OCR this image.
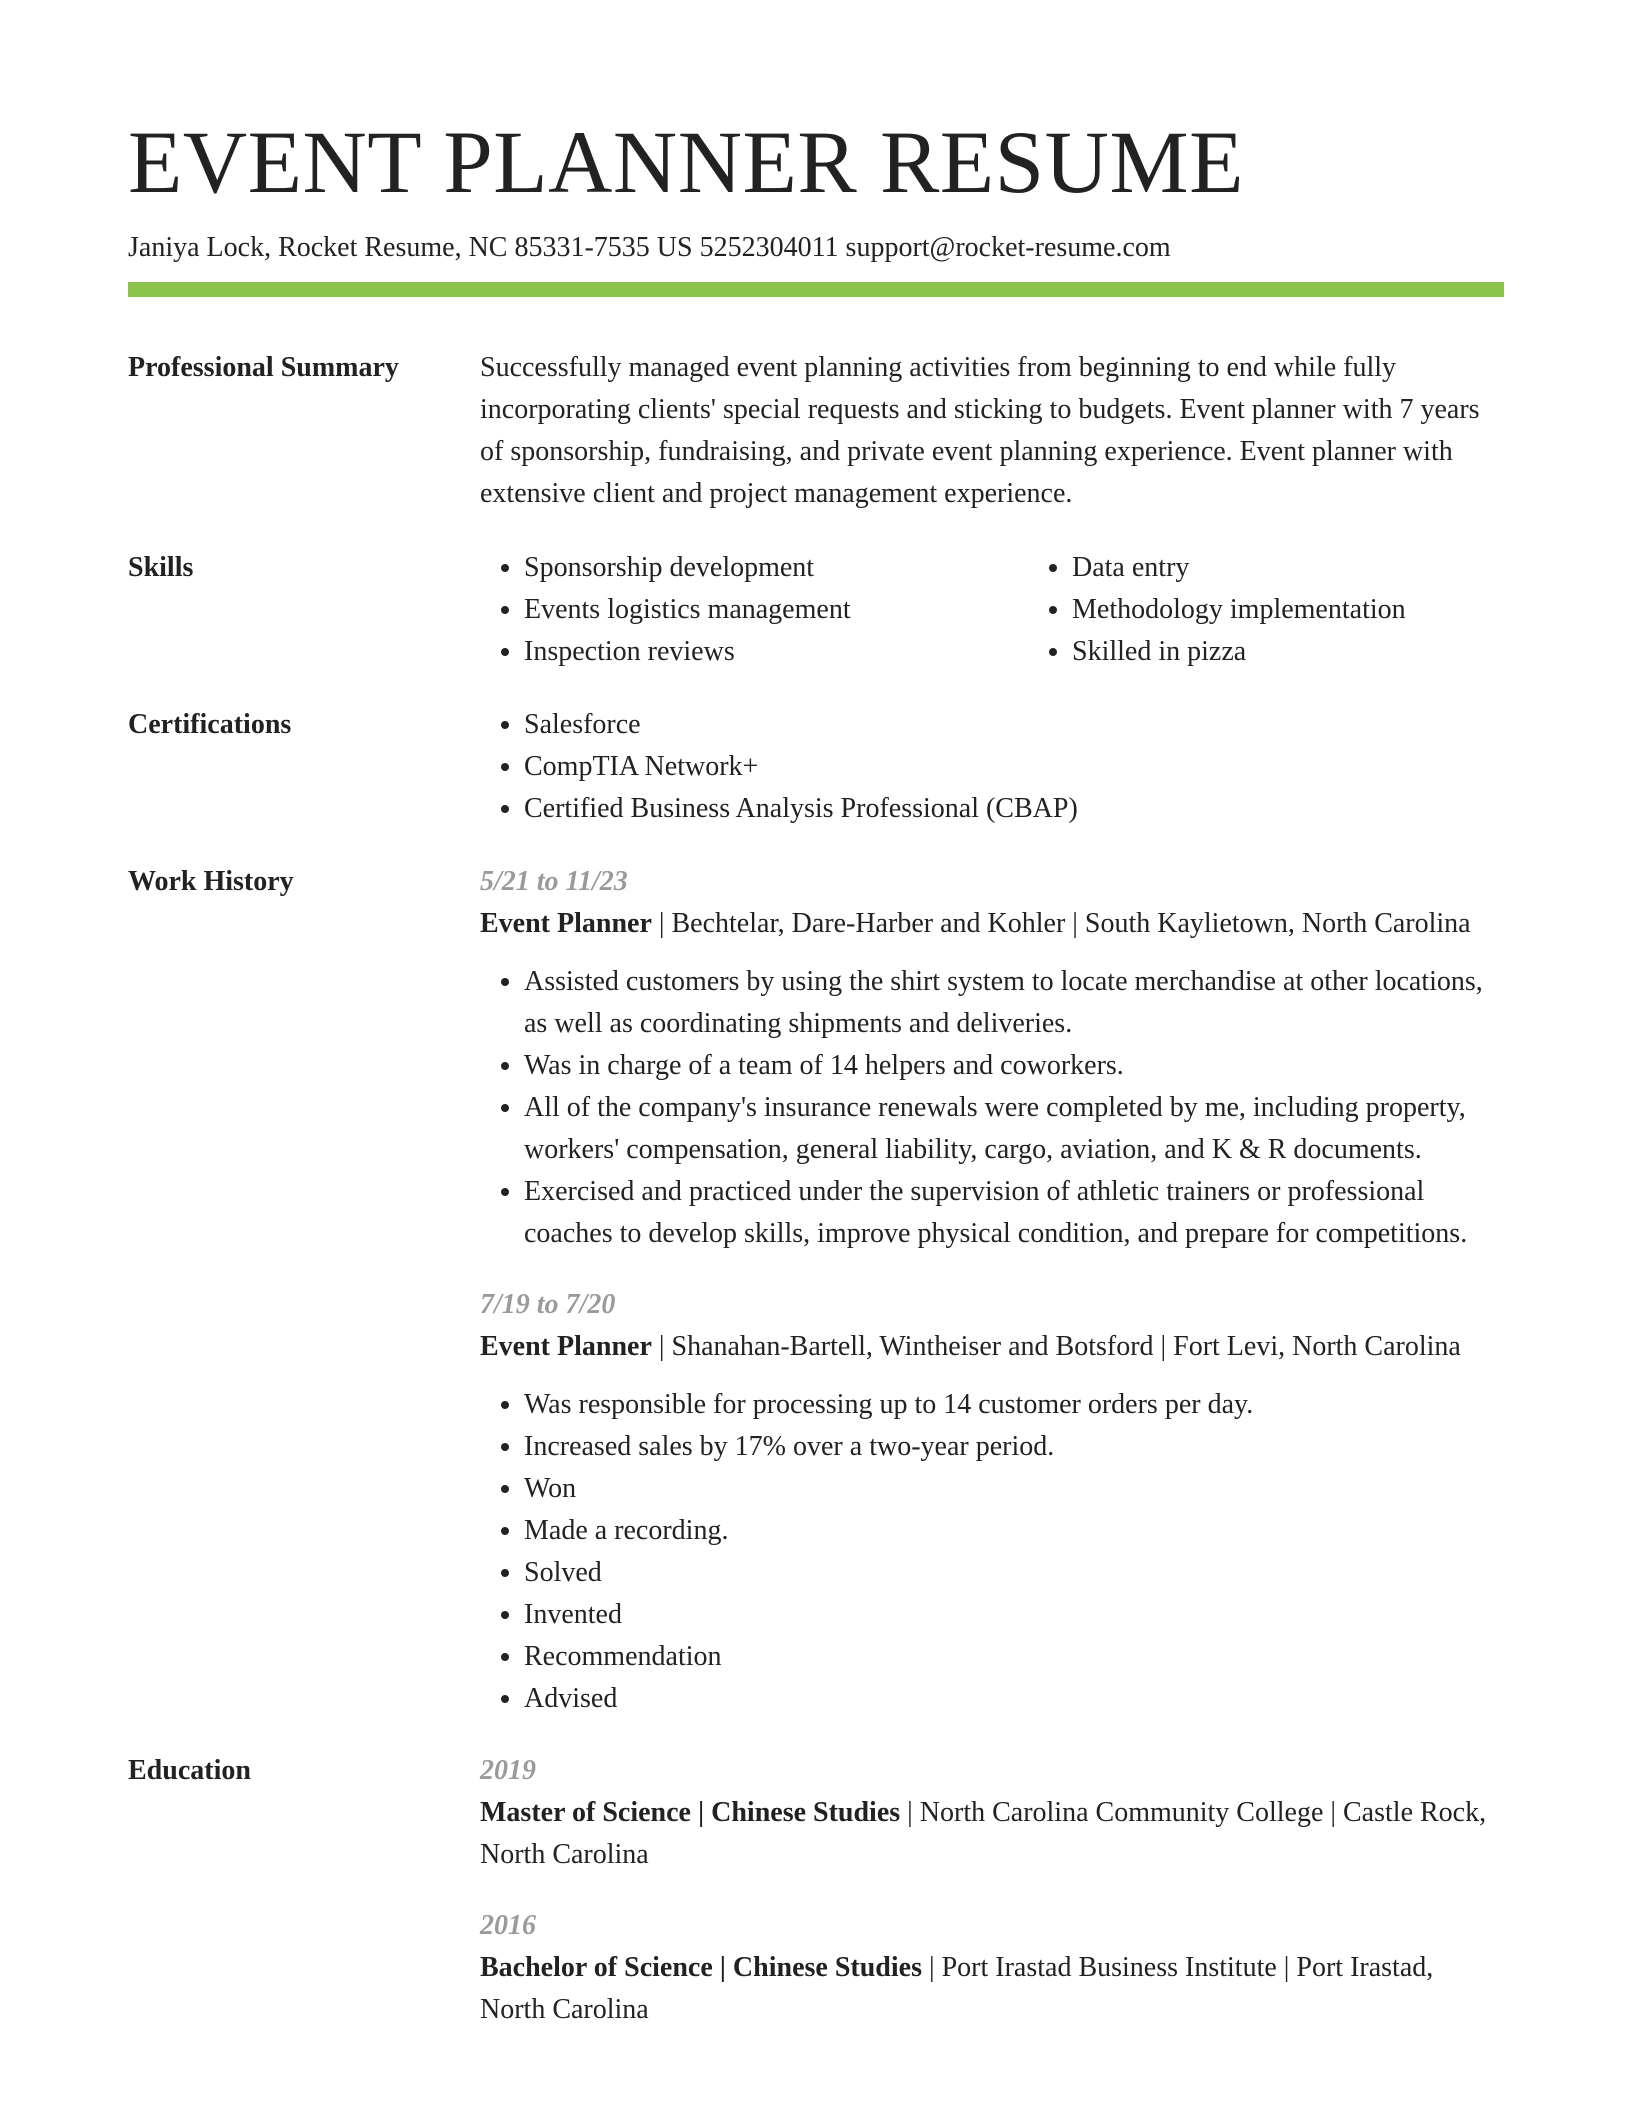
EVENT PLANNER RESUME
Janiya Lock, Rocket Resume, NC 85331-7535 US 5252304011 support@rocket-resume.com
Professional Summary	Successfully managed event planning activities from beginning to end while fully incorporating clients' special requests and sticking to budgets. Event planner with 7 years of sponsorship, fundraising, and private event planning experience. Event planner with extensive client and project management experience.

Skills	• Sponsorship development
• Events logistics management
• Inspection reviews
• Data entry
• Methodology implementation
• Skilled in pizza
Certifications	• Salesforce
• CompTIA Network+
• Certified Business Analysis Professional (CBAP)
Work History	5/21 to 11/23
Event Planner | Bechtelar, Dare-Harber and Kohler | South Kaylietown, North Carolina
• Assisted customers by using the shirt system to locate merchandise at other locations, as well as coordinating shipments and deliveries.
• Was in charge of a team of 14 helpers and coworkers.
• All of the company's insurance renewals were completed by me, including property, workers' compensation, general liability, cargo, aviation, and K & R documents.
• Exercised and practiced under the supervision of athletic trainers or professional coaches to develop skills, improve physical condition, and prepare for competitions.
7/19 to 7/20
Event Planner | Shanahan-Bartell, Wintheiser and Botsford | Fort Levi, North Carolina
• Was responsible for processing up to 14 customer orders per day.
• Increased sales by 17% over a two-year period.
• Won
• Made a recording.
• Solved
• Invented
• Recommendation
• Advised
Education	2019
Master of Science | Chinese Studies | North Carolina Community College | Castle Rock, North Carolina
2016
Bachelor of Science | Chinese Studies | Port Irastad Business Institute | Port Irastad, North Carolina
